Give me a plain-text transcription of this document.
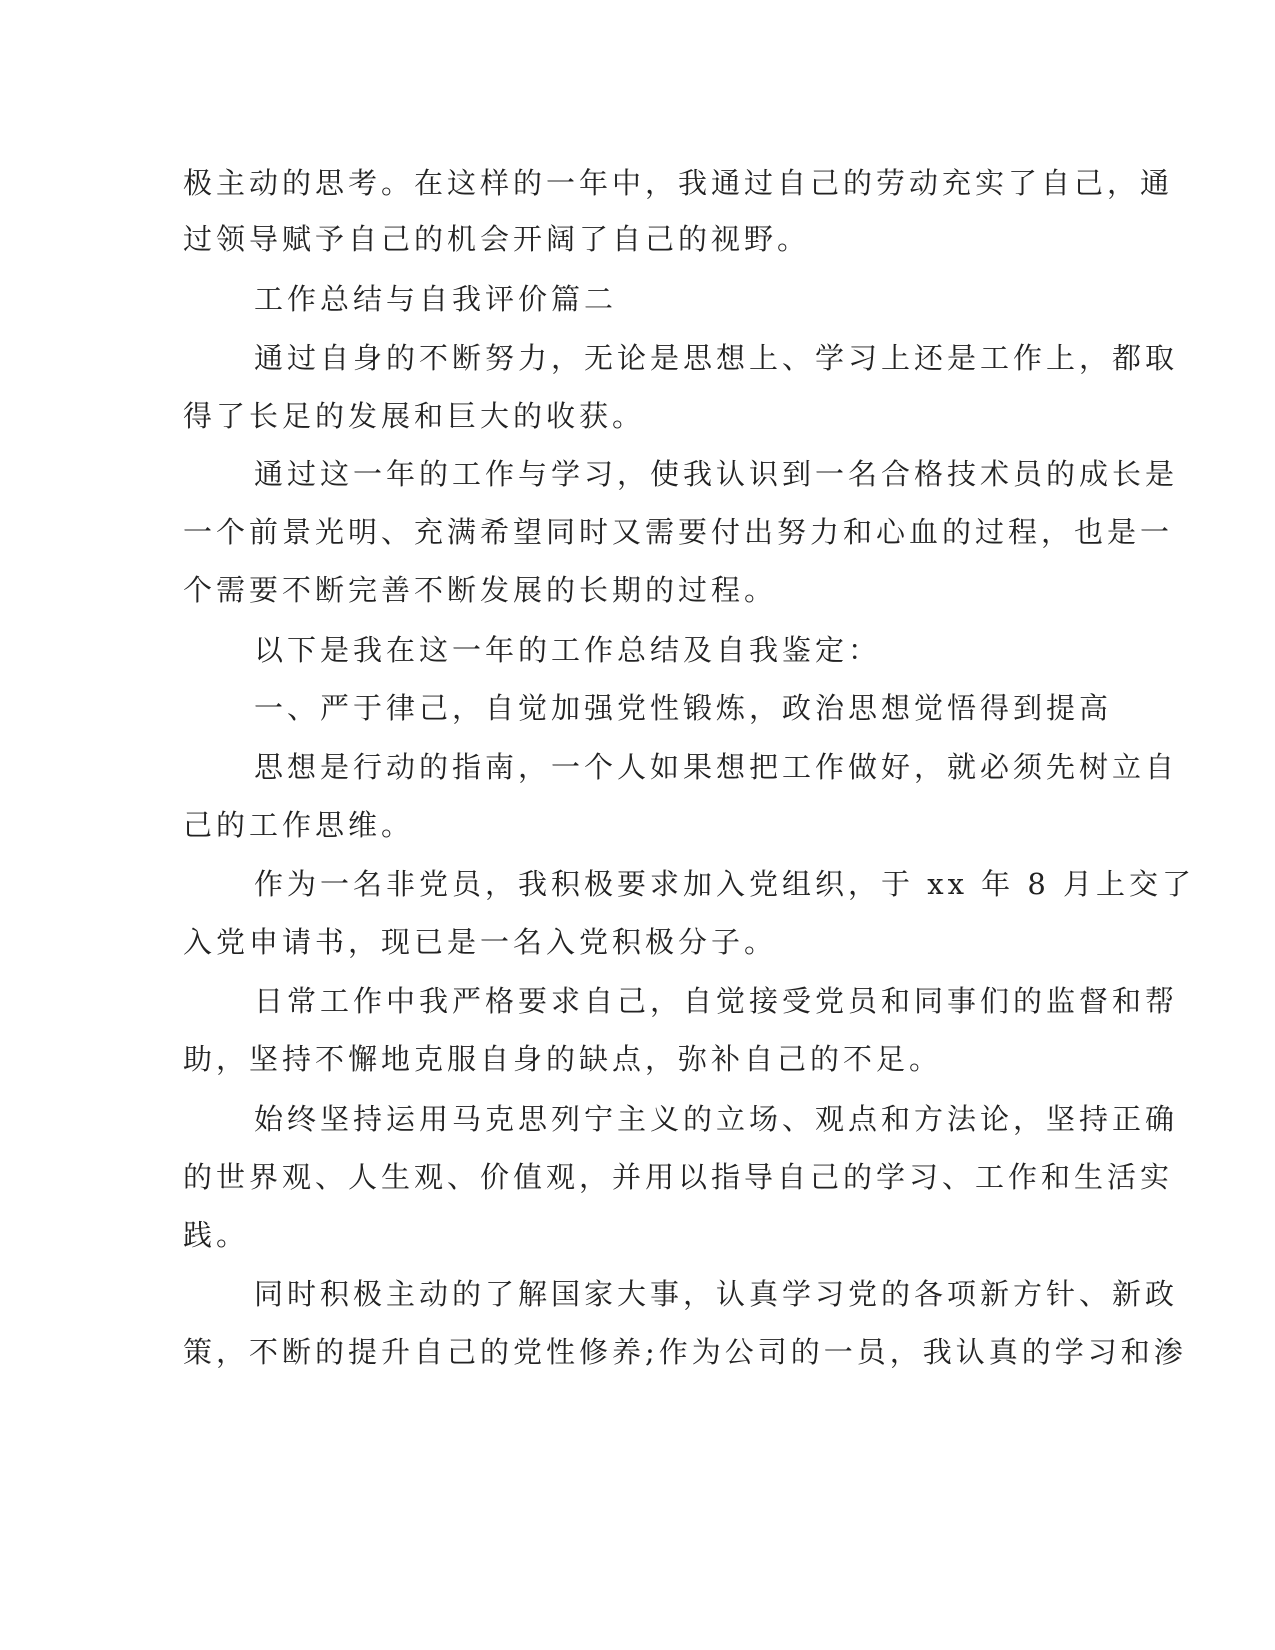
极主动的思考。在这样的一年中，我通过自己的劳动充实了自己，通
过领导赋予自己的机会开阔了自己的视野。
工作总结与自我评价篇二
通过自身的不断努力，无论是思想上、学习上还是工作上，都取
得了长足的发展和巨大的收获。
通过这一年的工作与学习，使我认识到一名合格技术员的成长是
一个前景光明、充满希望同时又需要付出努力和心血的过程，也是一
个需要不断完善不断发展的长期的过程。
以下是我在这一年的工作总结及自我鉴定：
一、严于律己，自觉加强党性锻炼，政治思想觉悟得到提高
思想是行动的指南，一个人如果想把工作做好，就必须先树立自
己的工作思维。
作为一名非党员，我积极要求加入党组织，于 xx 年 8 月上交了
入党申请书，现已是一名入党积极分子。
日常工作中我严格要求自己，自觉接受党员和同事们的监督和帮
助，坚持不懈地克服自身的缺点，弥补自己的不足。
始终坚持运用马克思列宁主义的立场、观点和方法论，坚持正确
的世界观、人生观、价值观，并用以指导自己的学习、工作和生活实
践。
同时积极主动的了解国家大事，认真学习党的各项新方针、新政
策，不断的提升自己的党性修养;作为公司的一员，我认真的学习和渗
